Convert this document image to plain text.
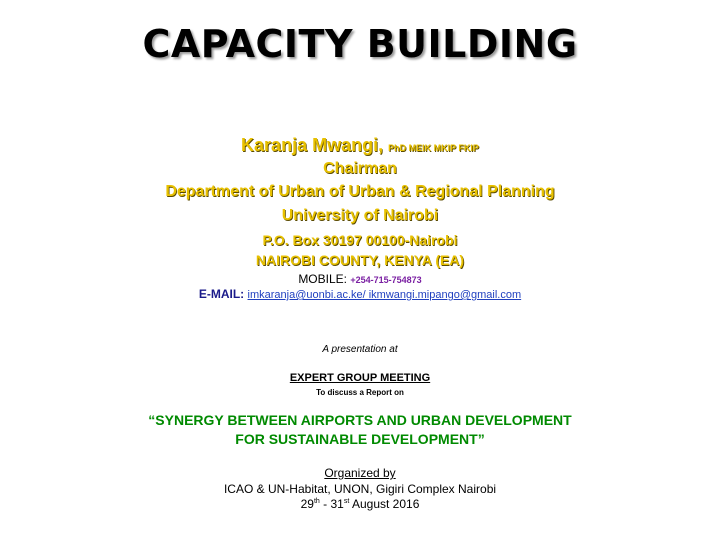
CAPACITY BUILDING
Karanja Mwangi, PhD MEIK MKIP FKIP
Chairman
Department of Urban of Urban & Regional Planning
University of Nairobi
P.O. Box 30197 00100-Nairobi
NAIROBI COUNTY, KENYA (EA)
MOBILE: +254-715-754873
E-MAIL: imkaranja@uonbi.ac.ke/ ikmwangi.mipango@gmail.com
A presentation at
EXPERT GROUP MEETING
To discuss a Report on
“SYNERGY BETWEEN AIRPORTS AND URBAN DEVELOPMENT
FOR SUSTAINABLE DEVELOPMENT”
Organized by
ICAO & UN-Habitat, UNON, Gigiri Complex Nairobi
29th - 31st August 2016
